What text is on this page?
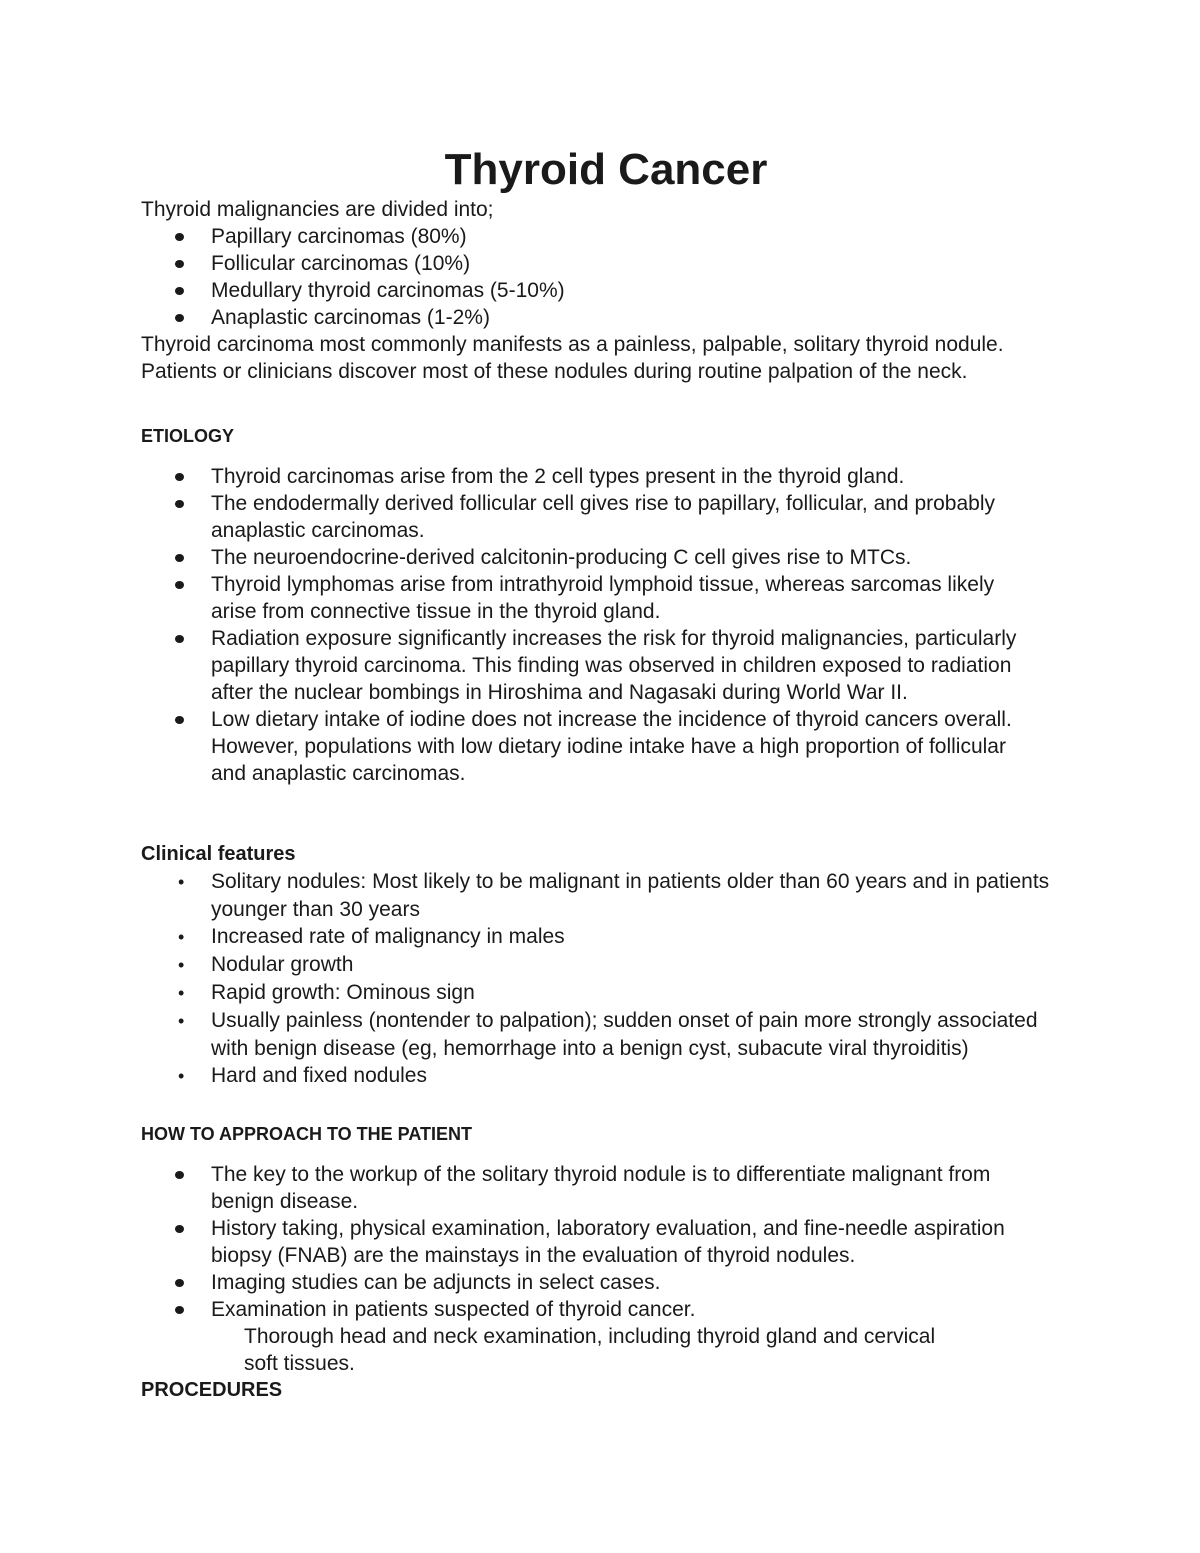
Thyroid Cancer

Thyroid malignancies are divided into;

Papillary carcinomas (80%)
Follicular carcinomas (10%)
Medullary thyroid carcinomas (5-10%)
Anaplastic carcinomas (1-2%)

Thyroid carcinoma most commonly manifests as a painless, palpable, solitary thyroid nodule. Patients or clinicians discover most of these nodules during routine palpation of the neck.

ETIOLOGY
Thyroid carcinomas arise from the 2 cell types present in the thyroid gland.
The endodermally derived follicular cell gives rise to papillary, follicular, and probably anaplastic carcinomas.
The neuroendocrine-derived calcitonin-producing C cell gives rise to MTCs.
Thyroid lymphomas arise from intrathyroid lymphoid tissue, whereas sarcomas likely arise from connective tissue in the thyroid gland.
Radiation exposure significantly increases the risk for thyroid malignancies, particularly papillary thyroid carcinoma. This finding was observed in children exposed to radiation after the nuclear bombings in Hiroshima and Nagasaki during World War II.
Low dietary intake of iodine does not increase the incidence of thyroid cancers overall. However, populations with low dietary iodine intake have a high proportion of follicular and anaplastic carcinomas.
Clinical features
• Solitary nodules: Most likely to be malignant in patients older than 60 years and in patients younger than 30 years
• Increased rate of malignancy in males
• Nodular growth
• Rapid growth: Ominous sign
• Usually painless (nontender to palpation); sudden onset of pain more strongly associated with benign disease (eg, hemorrhage into a benign cyst, subacute viral thyroiditis)
• Hard and fixed nodules
HOW TO APPROACH TO THE PATIENT
The key to the workup of the solitary thyroid nodule is to differentiate malignant from benign disease.
History taking, physical examination, laboratory evaluation, and fine-needle aspiration biopsy (FNAB) are the mainstays in the evaluation of thyroid nodules.
Imaging studies can be adjuncts in select cases.
Examination in patients suspected of thyroid cancer.

Thorough head and neck examination, including thyroid gland and cervical soft tissues.

PROCEDURES
